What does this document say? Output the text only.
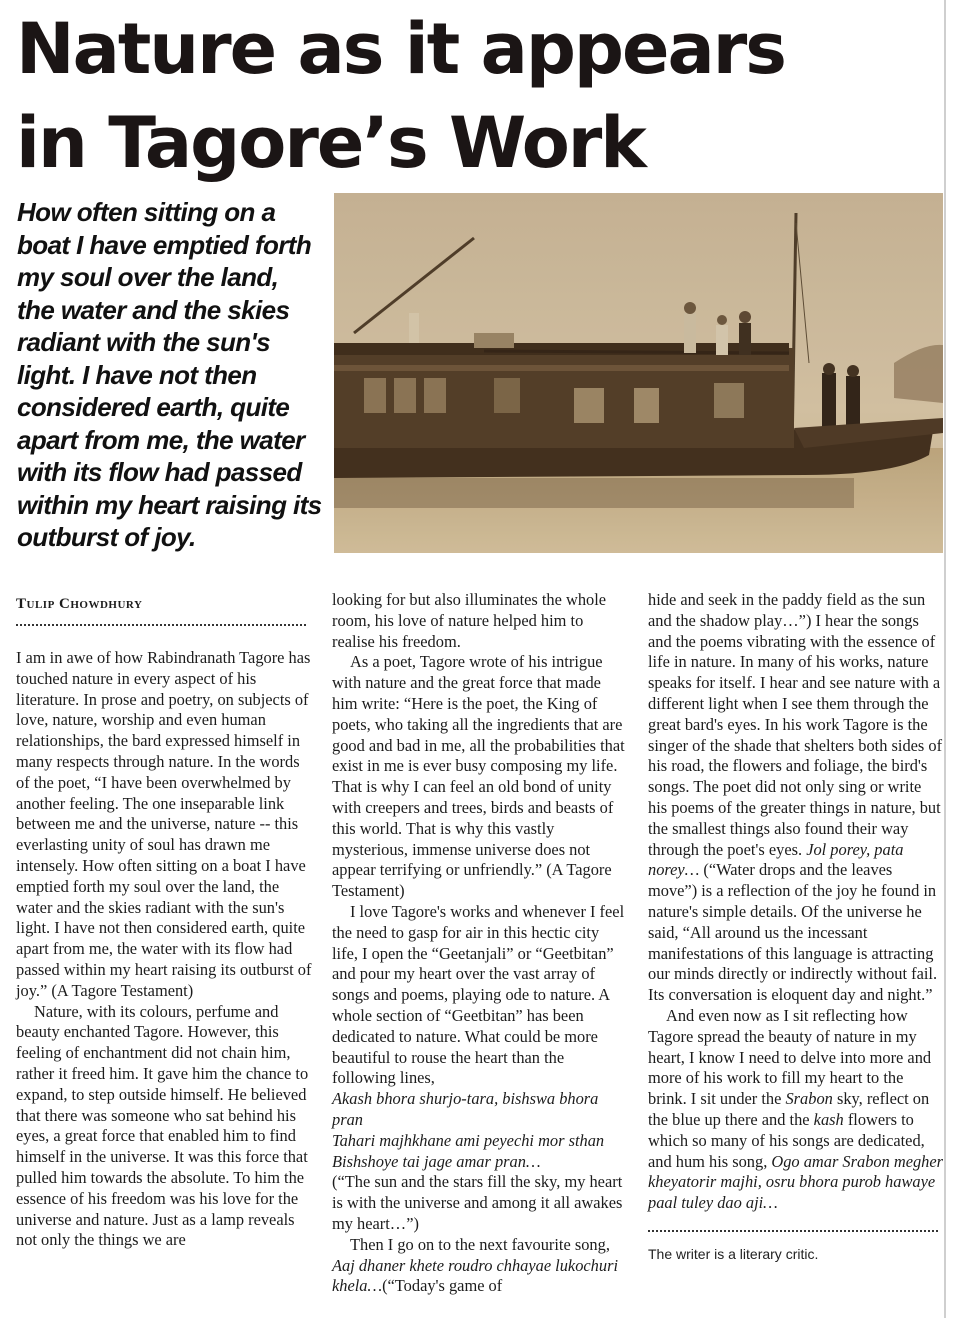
Nature as it appears
in Tagore’s Work

How often sitting on a boat I have emptied forth my soul over the land, the water and the skies radiant with the sun's light. I have not then considered earth, quite apart from me, the water with its flow had passed within my heart raising its outburst of joy.

Tulip Chowdhury

I am in awe of how Rabindranath Tagore has touched nature in every aspect of his literature. In prose and poetry, on subjects of love, nature, worship and even human relationships, the bard expressed himself in many respects through nature. In the words of the poet, “I have been overwhelmed by another feeling. The one inseparable link between me and the universe, nature -- this everlasting unity of soul has drawn me intensely. How often sitting on a boat I have emptied forth my soul over the land, the water and the skies radiant with the sun's light. I have not then considered earth, quite apart from me, the water with its flow had passed within my heart raising its outburst of joy.” (A Tagore Testament)

Nature, with its colours, perfume and beauty enchanted Tagore. However, this feeling of enchantment did not chain him, rather it freed him. It gave him the chance to expand, to step outside himself. He believed that there was someone who sat behind his eyes, a great force that enabled him to find himself in the universe. It was this force that pulled him towards the absolute. To him the essence of his freedom was his love for the universe and nature. Just as a lamp reveals not only the things we are

looking for but also illuminates the whole room, his love of nature helped him to realise his freedom.

As a poet, Tagore wrote of his intrigue with nature and the great force that made him write: “Here is the poet, the King of poets, who taking all the ingredients that are good and bad in me, all the probabilities that exist in me is ever busy composing my life. That is why I can feel an old bond of unity with creepers and trees, birds and beasts of this world. That is why this vastly mysterious, immense universe does not appear terrifying or unfriendly.” (A Tagore Testament)

I love Tagore's works and whenever I feel the need to gasp for air in this hectic city life, I open the “Geetanjali” or “Geetbitan” and pour my heart over the vast array of songs and poems, playing ode to nature. A whole section of “Geetbitan” has been dedicated to nature. What could be more beautiful to rouse the heart than the following lines,

Akash bhora shurjo-tara, bishswa bhora pran

Tahari majhkhane ami peyechi mor sthan

Bishshoye tai jage amar pran…

(“The sun and the stars fill the sky, my heart is with the universe and among it all awakes my heart…”)

Then I go on to the next favourite song, Aaj dhaner khete roudro chhayae lukochuri khela…(“Today's game of

hide and seek in the paddy field as the sun and the shadow play…”) I hear the songs and the poems vibrating with the essence of life in nature. In many of his works, nature speaks for itself. I hear and see nature with a different light when I see them through the great bard's eyes. In his work Tagore is the singer of the shade that shelters both sides of his road, the flowers and foliage, the bird's songs. The poet did not only sing or write his poems of the greater things in nature, but the smallest things also found their way through the poet's eyes. Jol porey, pata norey… (“Water drops and the leaves move”) is a reflection of the joy he found in nature's simple details. Of the universe he said, “All around us the incessant manifestations of this language is attracting our minds directly or indirectly without fail. Its conversation is eloquent day and night.”

And even now as I sit reflecting how Tagore spread the beauty of nature in my heart, I know I need to delve into more and more of his work to fill my heart to the brink. I sit under the Srabon sky, reflect on the blue up there and the kash flowers to which so many of his songs are dedicated, and hum his song, Ogo amar Srabon megher kheyatorir majhi, osru bhora purob hawaye paal tuley dao aji…

The writer is a literary critic.
